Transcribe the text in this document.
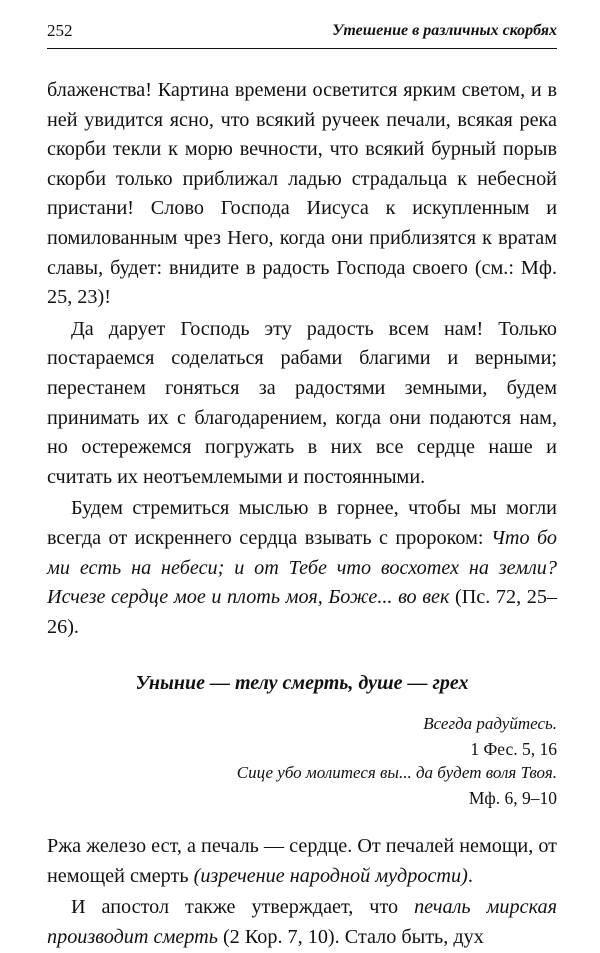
252	Утешение в различных скорбях

блаженства! Картина времени осветится ярким светом, и в ней увидится ясно, что всякий ручеек печали, всякая река скорби текли к морю вечности, что всякий бурный порыв скорби только приближал ладью страдальца к небесной пристани! Слово Господа Иисуса к искупленным и помилованным чрез Него, когда они приблизятся к вратам славы, будет: внидите в радость Господа своего (см.: Мф. 25, 23)!

Да дарует Господь эту радость всем нам! Только постараемся соделаться рабами благими и верными; перестанем гоняться за радостями земными, будем принимать их с благодарением, когда они подаются нам, но остережемся погружать в них все сердце наше и считать их неотъемлемыми и постоянными.

Будем стремиться мыслью в горнее, чтобы мы могли всегда от искреннего сердца взывать с пророком: Что бо ми есть на небеси; и от Тебе что восхотех на земли? Исчезе сердце мое и плоть моя, Боже... во век (Пс. 72, 25–26).

Уныние — телу смерть, душе — грех
Всегда радуйтесь.
1 Фес. 5, 16
Сице убо молитеся вы... да будет воля Твоя.
Мф. 6, 9–10

Ржа железо ест, а печаль — сердце. От печалей немощи, от немощей смерть (изречение народной мудрости).

И апостол также утверждает, что печаль мирская производит смерть (2 Кор. 7, 10). Стало быть, дух
